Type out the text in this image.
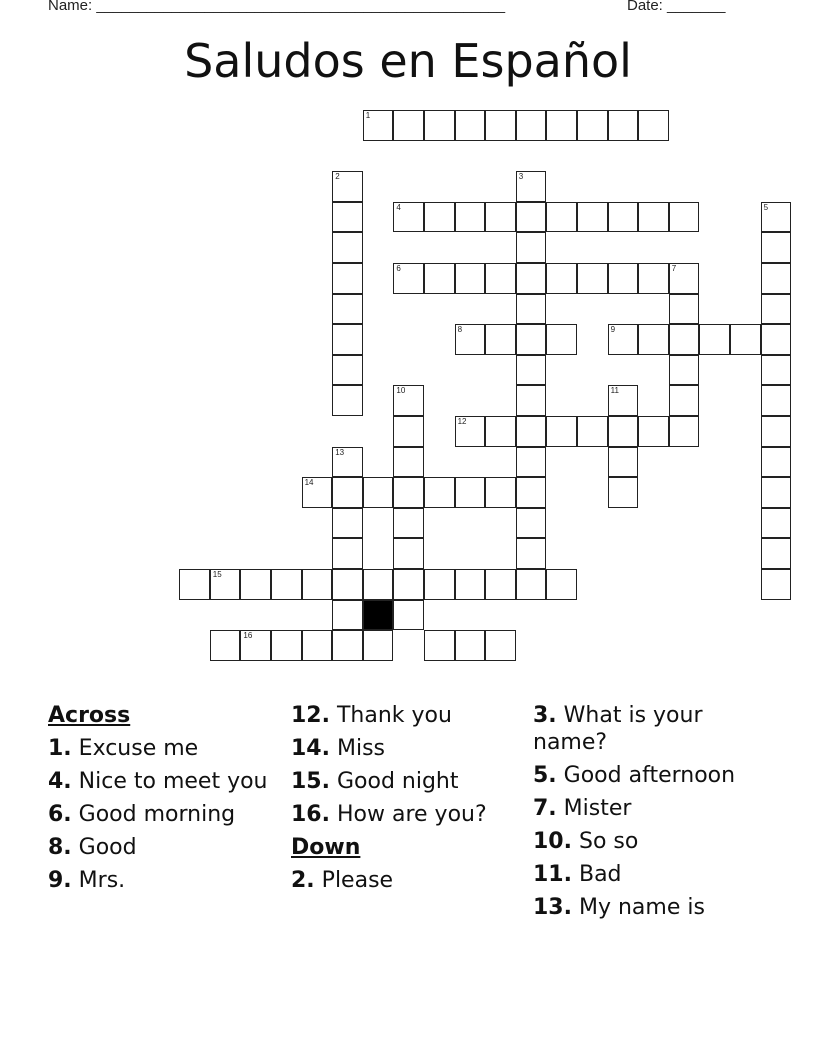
Name: _________________________________________________	Date: _______
Saludos en Español
1
2	3
4	5
6	7
8	9
10	11
12
13
14
15
16
Across
1. Excuse me
4. Nice to meet you
6. Good morning
8. Good
9. Mrs.
12. Thank you
14. Miss
15. Good night
16. How are you?
Down
2. Please
3. What is your name?
5. Good afternoon
7. Mister
10. So so
11. Bad
13. My name is
